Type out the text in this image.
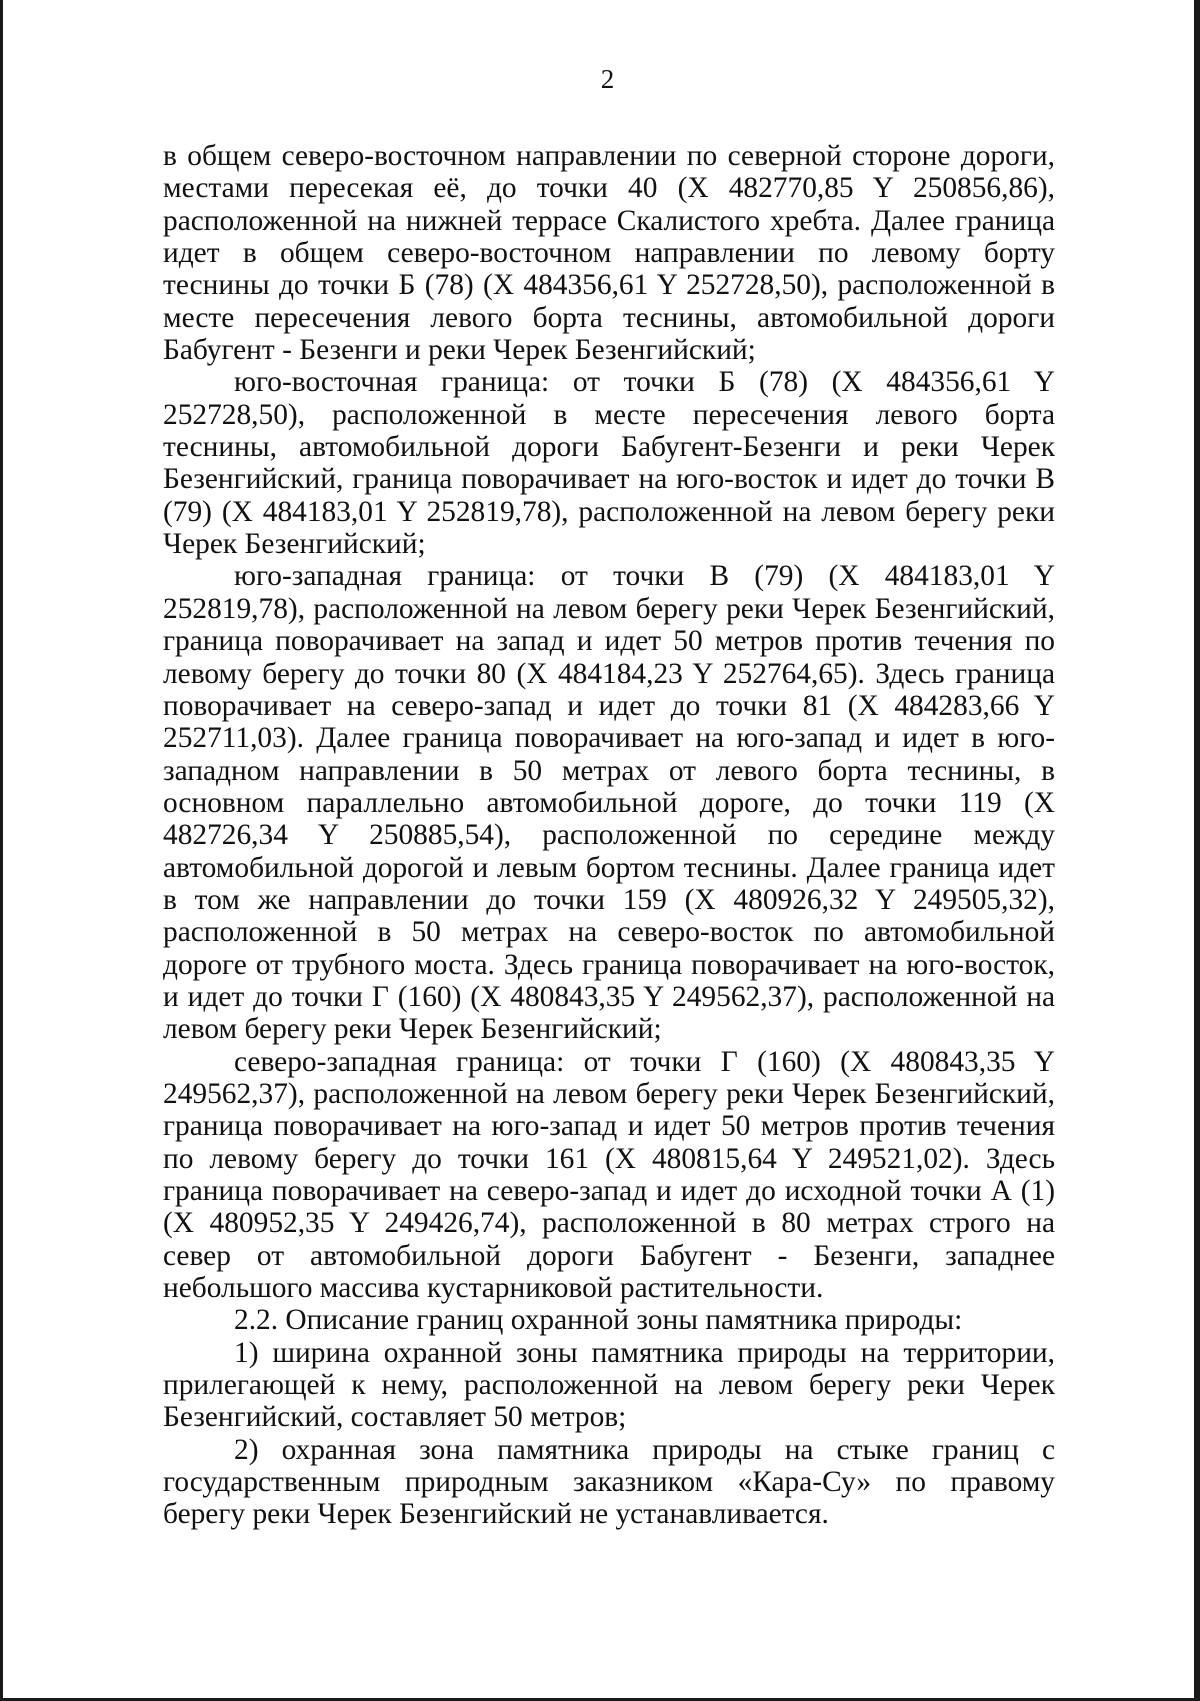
2

в общем северо-восточном направлении по северной стороне дороги, местами пересекая её, до точки 40 (X 482770,85 Y 250856,86), расположенной на нижней террасе Скалистого хребта. Далее граница идет в общем северо-восточном направлении по левому борту теснины до точки Б (78) (X 484356,61 Y 252728,50), расположенной в месте пересечения левого борта теснины, автомобильной дороги Бабугент - Безенги и реки Черек Безенгийский;

юго-восточная граница: от точки Б (78) (X 484356,61 Y 252728,50), расположенной в месте пересечения левого борта теснины, автомобильной дороги Бабугент-Безенги и реки Черек Безенгийский, граница поворачивает на юго-восток и идет до точки В (79) (X 484183,01 Y 252819,78), расположенной на левом берегу реки Черек Безенгийский;

юго-западная граница: от точки В (79) (X 484183,01 Y 252819,78), расположенной на левом берегу реки Черек Безенгийский, граница поворачивает на запад и идет 50 метров против течения по левому берегу до точки 80 (X 484184,23 Y 252764,65). Здесь граница поворачивает на северо-запад и идет до точки 81 (X 484283,66 Y 252711,03). Далее граница поворачивает на юго-запад и идет в юго-западном направлении в 50 метрах от левого борта теснины, в основном параллельно автомобильной дороге, до точки 119 (X 482726,34 Y 250885,54), расположенной по середине между автомобильной дорогой и левым бортом теснины. Далее граница идет в том же направлении до точки 159 (X 480926,32 Y 249505,32), расположенной в 50 метрах на северо-восток по автомобильной дороге от трубного моста. Здесь граница поворачивает на юго-восток, и идет до точки Г (160) (X 480843,35 Y 249562,37), расположенной на левом берегу реки Черек Безенгийский;

северо-западная граница: от точки Г (160) (X 480843,35 Y 249562,37), расположенной на левом берегу реки Черек Безенгийский, граница поворачивает на юго-запад и идет 50 метров против течения по левому берегу до точки 161 (X 480815,64 Y 249521,02). Здесь граница поворачивает на северо-запад и идет до исходной точки А (1) (X 480952,35 Y 249426,74), расположенной в 80 метрах строго на север от автомобильной дороги Бабугент - Безенги, западнее небольшого массива кустарниковой растительности.

2.2. Описание границ охранной зоны памятника природы:

1) ширина охранной зоны памятника природы на территории, прилегающей к нему, расположенной на левом берегу реки Черек Безенгийский, составляет 50 метров;

2) охранная зона памятника природы на стыке границ с государственным природным заказником «Кара-Су» по правому берегу реки Черек Безенгийский не устанавливается.
